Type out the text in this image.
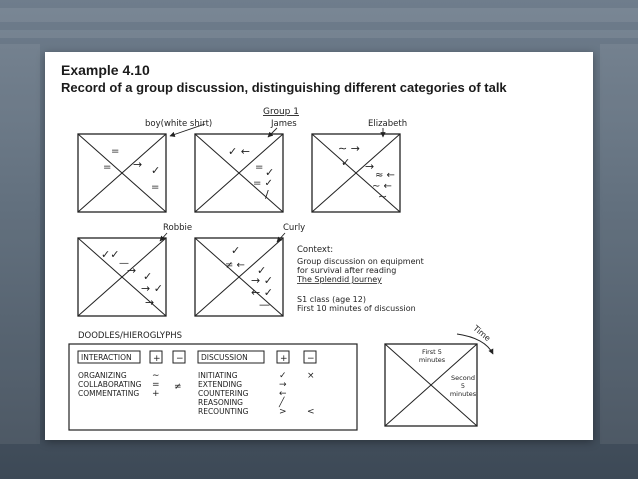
Example 4.10

Record of a group discussion, distinguishing different categories of talk

Group 1
boy(white shirt)
=
= → ✓
=
James
✓ ←
= ✓
= ✓
/
Elizabeth
∼ →
✓ →
≈ ←
∼ ←
∼
Robbie
✓✓
—
→ ✓
→ ✓
→
Curly
✓
≠ ← ✓
→ ✓
← ✓
—
Context:
Group discussion on equipment
for survival after reading
The Splendid Journey
S1 class (age 12)
First 10 minutes of discussion
DOODLES/HIEROGLYPHS
INTERACTION + − DISCUSSION	+ −
ORGANIZING	∼
COLLABORATING = ≠
COMMENTATING +
INITIATING	✓ ×
EXTENDING	→
COUNTERING	←
REASONING	╱
RECOUNTING	> <
Time
First 5 minutes
Second 5 minutes
